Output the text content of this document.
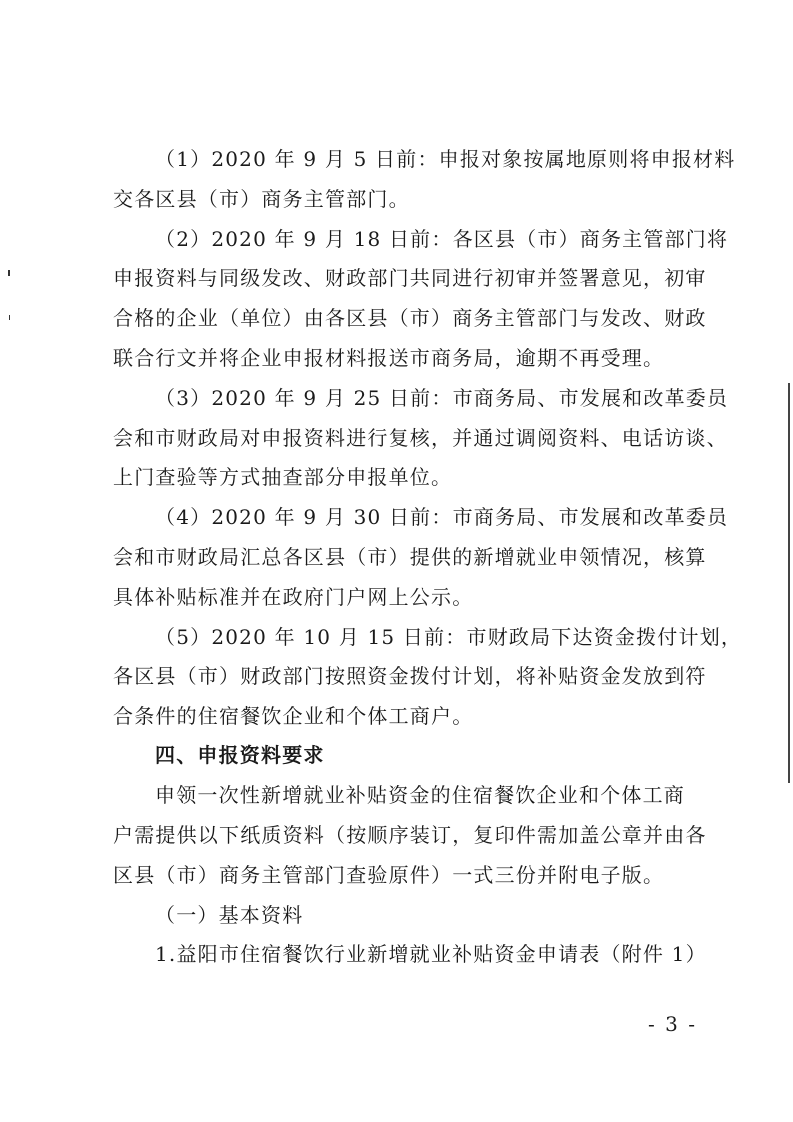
（1）2020 年 9 月 5 日前：申报对象按属地原则将申报材料
交各区县（市）商务主管部门。
（2）2020 年 9 月 18 日前：各区县（市）商务主管部门将
申报资料与同级发改、财政部门共同进行初审并签署意见，初审
合格的企业（单位）由各区县（市）商务主管部门与发改、财政
联合行文并将企业申报材料报送市商务局，逾期不再受理。
（3）2020 年 9 月 25 日前：市商务局、市发展和改革委员
会和市财政局对申报资料进行复核，并通过调阅资料、电话访谈、
上门查验等方式抽查部分申报单位。
（4）2020 年 9 月 30 日前：市商务局、市发展和改革委员
会和市财政局汇总各区县（市）提供的新增就业申领情况，核算
具体补贴标准并在政府门户网上公示。
（5）2020 年 10 月 15 日前：市财政局下达资金拨付计划，
各区县（市）财政部门按照资金拨付计划，将补贴资金发放到符
合条件的住宿餐饮企业和个体工商户。
四、申报资料要求
申领一次性新增就业补贴资金的住宿餐饮企业和个体工商
户需提供以下纸质资料（按顺序装订，复印件需加盖公章并由各
区县（市）商务主管部门查验原件）一式三份并附电子版。
（一）基本资料
1.益阳市住宿餐饮行业新增就业补贴资金申请表（附件 1）
- 3 -
